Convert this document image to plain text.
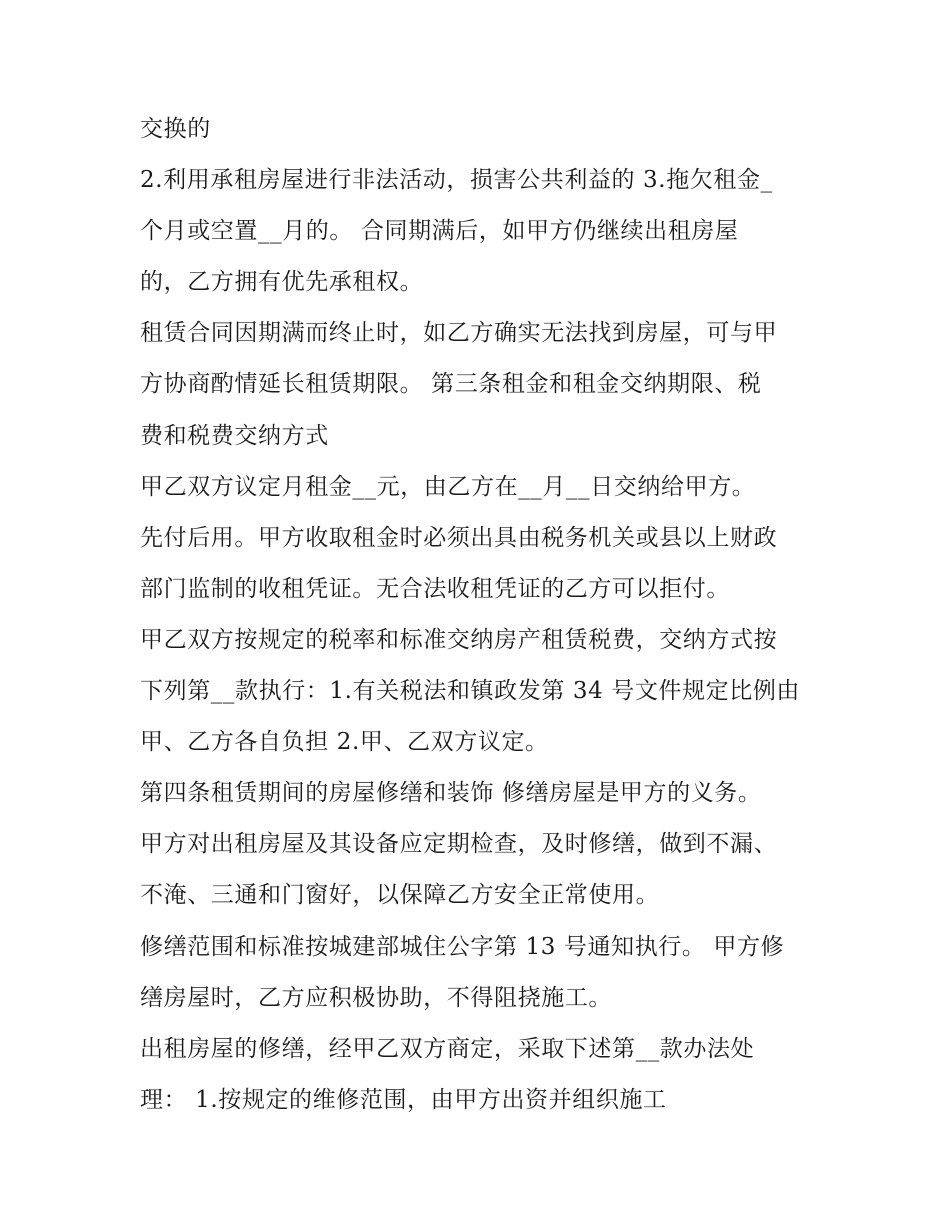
交换的
2.利用承租房屋进行非法活动，损害公共利益的 3.拖欠租金_
个月或空置__月的。 合同期满后，如甲方仍继续出租房屋
的，乙方拥有优先承租权。
租赁合同因期满而终止时，如乙方确实无法找到房屋，可与甲
方协商酌情延长租赁期限。 第三条租金和租金交纳期限、税
费和税费交纳方式
甲乙双方议定月租金__元，由乙方在__月__日交纳给甲方。
先付后用。甲方收取租金时必须出具由税务机关或县以上财政
部门监制的收租凭证。无合法收租凭证的乙方可以拒付。
甲乙双方按规定的税率和标准交纳房产租赁税费，交纳方式按
下列第__款执行：1.有关税法和镇政发第 34 号文件规定比例由
甲、乙方各自负担 2.甲、乙双方议定。
第四条租赁期间的房屋修缮和装饰 修缮房屋是甲方的义务。
甲方对出租房屋及其设备应定期检查，及时修缮，做到不漏、
不淹、三通和门窗好，以保障乙方安全正常使用。
修缮范围和标准按城建部城住公字第 13 号通知执行。 甲方修
缮房屋时，乙方应积极协助，不得阻挠施工。
出租房屋的修缮，经甲乙双方商定，采取下述第__款办法处
理： 1.按规定的维修范围，由甲方出资并组织施工
